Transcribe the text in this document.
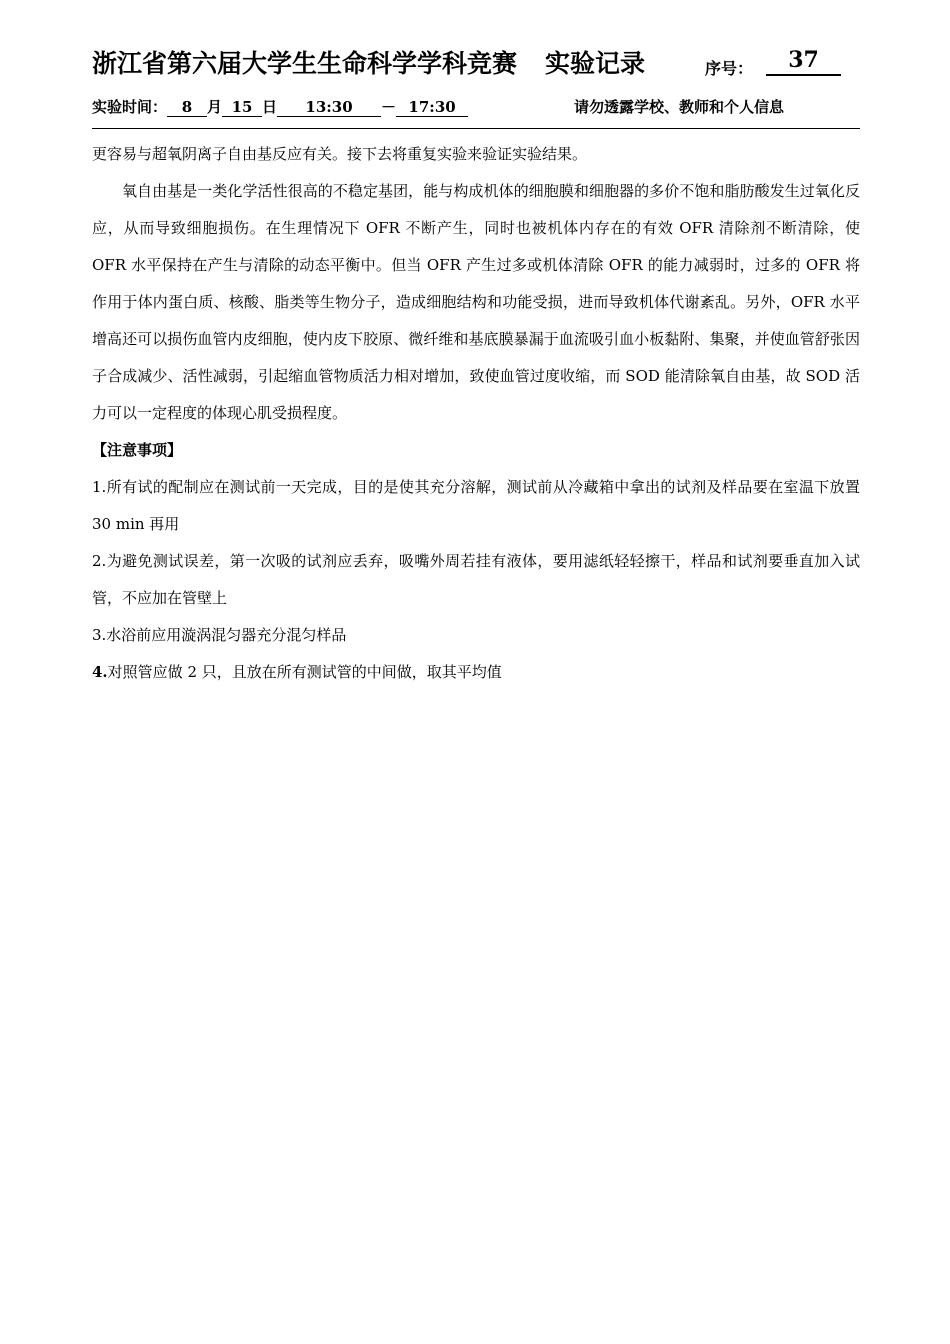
浙江省第六届大学生生命科学学科竞赛 实验记录	序号：	37
实验时间： 8 月 15 日 13:30 － 17:30	请勿透露学校、教师和个人信息

更容易与超氧阴离子自由基反应有关。接下去将重复实验来验证实验结果。

氧自由基是一类化学活性很高的不稳定基团，能与构成机体的细胞膜和细胞器的多价不饱和脂肪酸发生过氧化反应，从而导致细胞损伤。在生理情况下 OFR 不断产生，同时也被机体内存在的有效 OFR 清除剂不断清除，使 OFR 水平保持在产生与清除的动态平衡中。但当 OFR 产生过多或机体清除 OFR 的能力减弱时，过多的 OFR 将作用于体内蛋白质、核酸、脂类等生物分子，造成细胞结构和功能受损，进而导致机体代谢紊乱。另外，OFR 水平增高还可以损伤血管内皮细胞，使内皮下胶原、微纤维和基底膜暴漏于血流吸引血小板黏附、集聚，并使血管舒张因子合成减少、活性减弱，引起缩血管物质活力相对增加，致使血管过度收缩，而 SOD 能清除氧自由基，故 SOD 活力可以一定程度的体现心肌受损程度。

【注意事项】

1.所有试的配制应在测试前一天完成，目的是使其充分溶解，测试前从冷藏箱中拿出的试剂及样品要在室温下放置 30 min 再用

2.为避免测试误差，第一次吸的试剂应丢弃，吸嘴外周若挂有液体，要用滤纸轻轻擦干，样品和试剂要垂直加入试管，不应加在管壁上

3.水浴前应用漩涡混匀器充分混匀样品

4.对照管应做 2 只，且放在所有测试管的中间做，取其平均值
